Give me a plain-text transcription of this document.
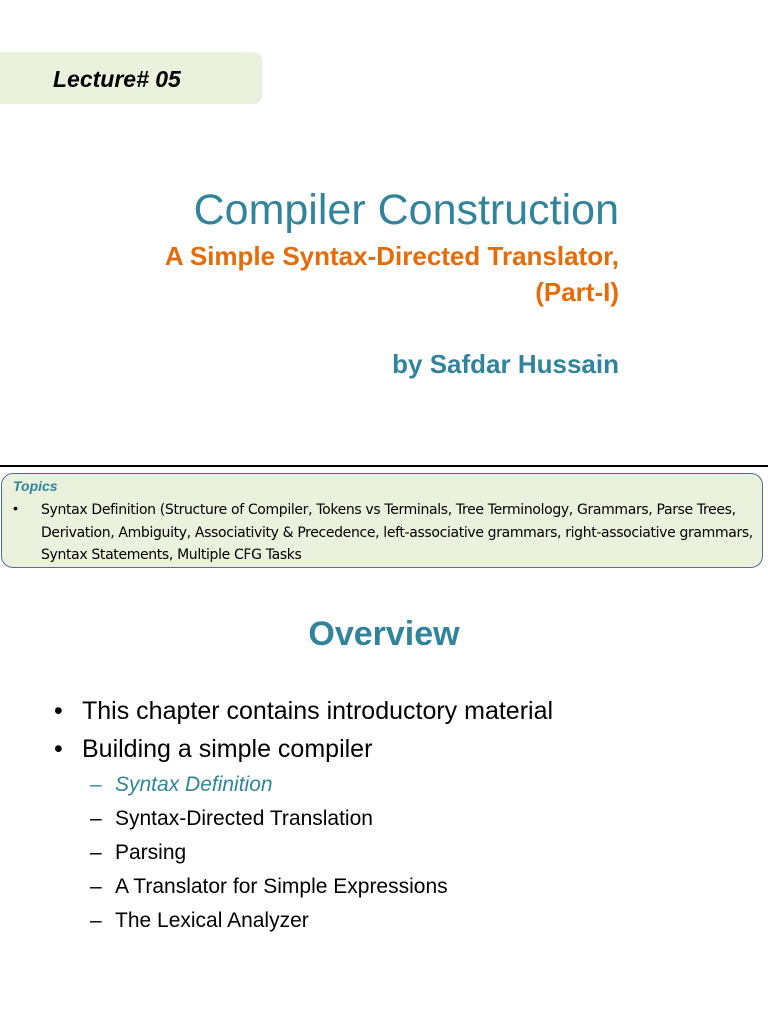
Lecture# 05
Compiler Construction
A Simple Syntax-Directed Translator,
(Part-I)
by Safdar Hussain
Topics
• Syntax Definition (Structure of Compiler, Tokens vs Terminals, Tree Terminology, Grammars, Parse Trees, Derivation, Ambiguity, Associativity & Precedence, left-associative grammars, right-associative grammars, Syntax Statements, Multiple CFG Tasks
Overview
• This chapter contains introductory material
• Building a simple compiler
– Syntax Definition
– Syntax-Directed Translation
– Parsing
– A Translator for Simple Expressions
– The Lexical Analyzer
